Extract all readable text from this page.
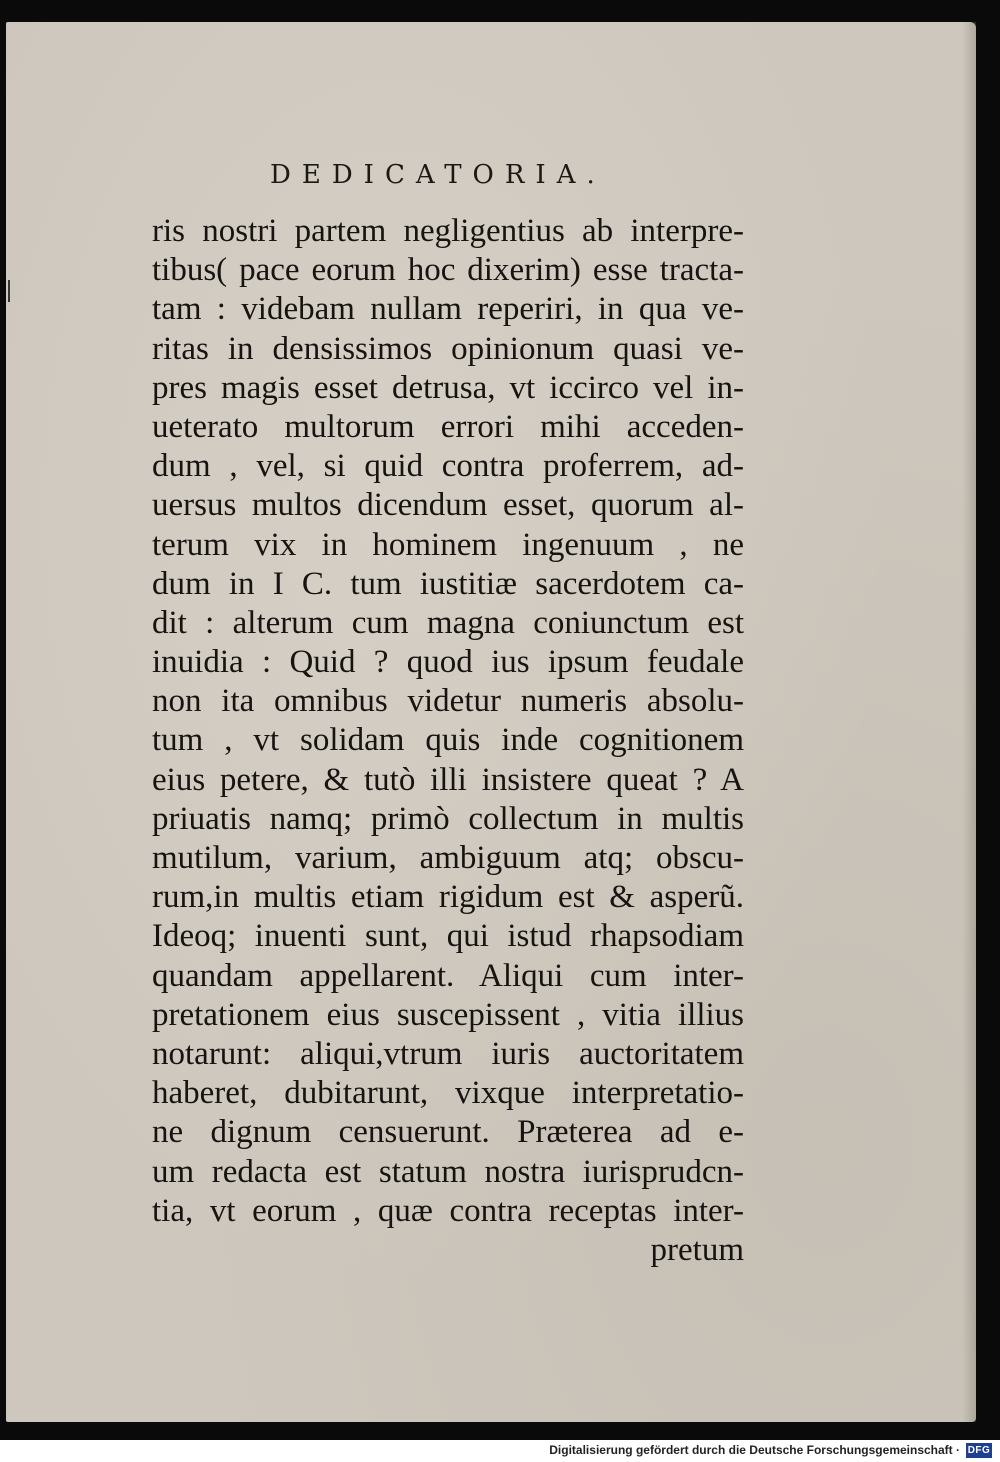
DEDICATORIA.
ris nostri partem negligentius ab interpre-
tibus( pace eorum hoc dixerim) esse tracta-
tam : videbam nullam reperiri, in qua ve-
ritas in densissimos opinionum quasi ve-
pres magis esset detrusa, vt iccirco vel in-
ueterato multorum errori mihi acceden-
dum , vel, si quid contra proferrem, ad-
uersus multos dicendum esset, quorum al-
terum vix in hominem ingenuum , ne
dum in I C. tum iustitiæ sacerdotem ca-
dit : alterum cum magna coniunctum est
inuidia : Quid ? quod ius ipsum feudale
non ita omnibus videtur numeris absolu-
tum , vt solidam quis inde cognitionem
eius petere, & tutò illi insistere queat ? A
priuatis namq; primò collectum in multis
mutilum, varium, ambiguum atq; obscu-
rum,in multis etiam rigidum est & asperũ.
Ideoq; inuenti sunt, qui istud rhapsodiam
quandam appellarent. Aliqui cum inter-
pretationem eius suscepissent , vitia illius
notarunt: aliqui,vtrum iuris auctoritatem
haberet, dubitarunt, vixque interpretatio-
ne dignum censuerunt. Præterea ad e-
um redacta est statum nostra iurisprudcn-
tia, vt eorum , quæ contra receptas inter-
pretum
Digitalisierung gefördert durch die Deutsche Forschungsgemeinschaft · DFG
